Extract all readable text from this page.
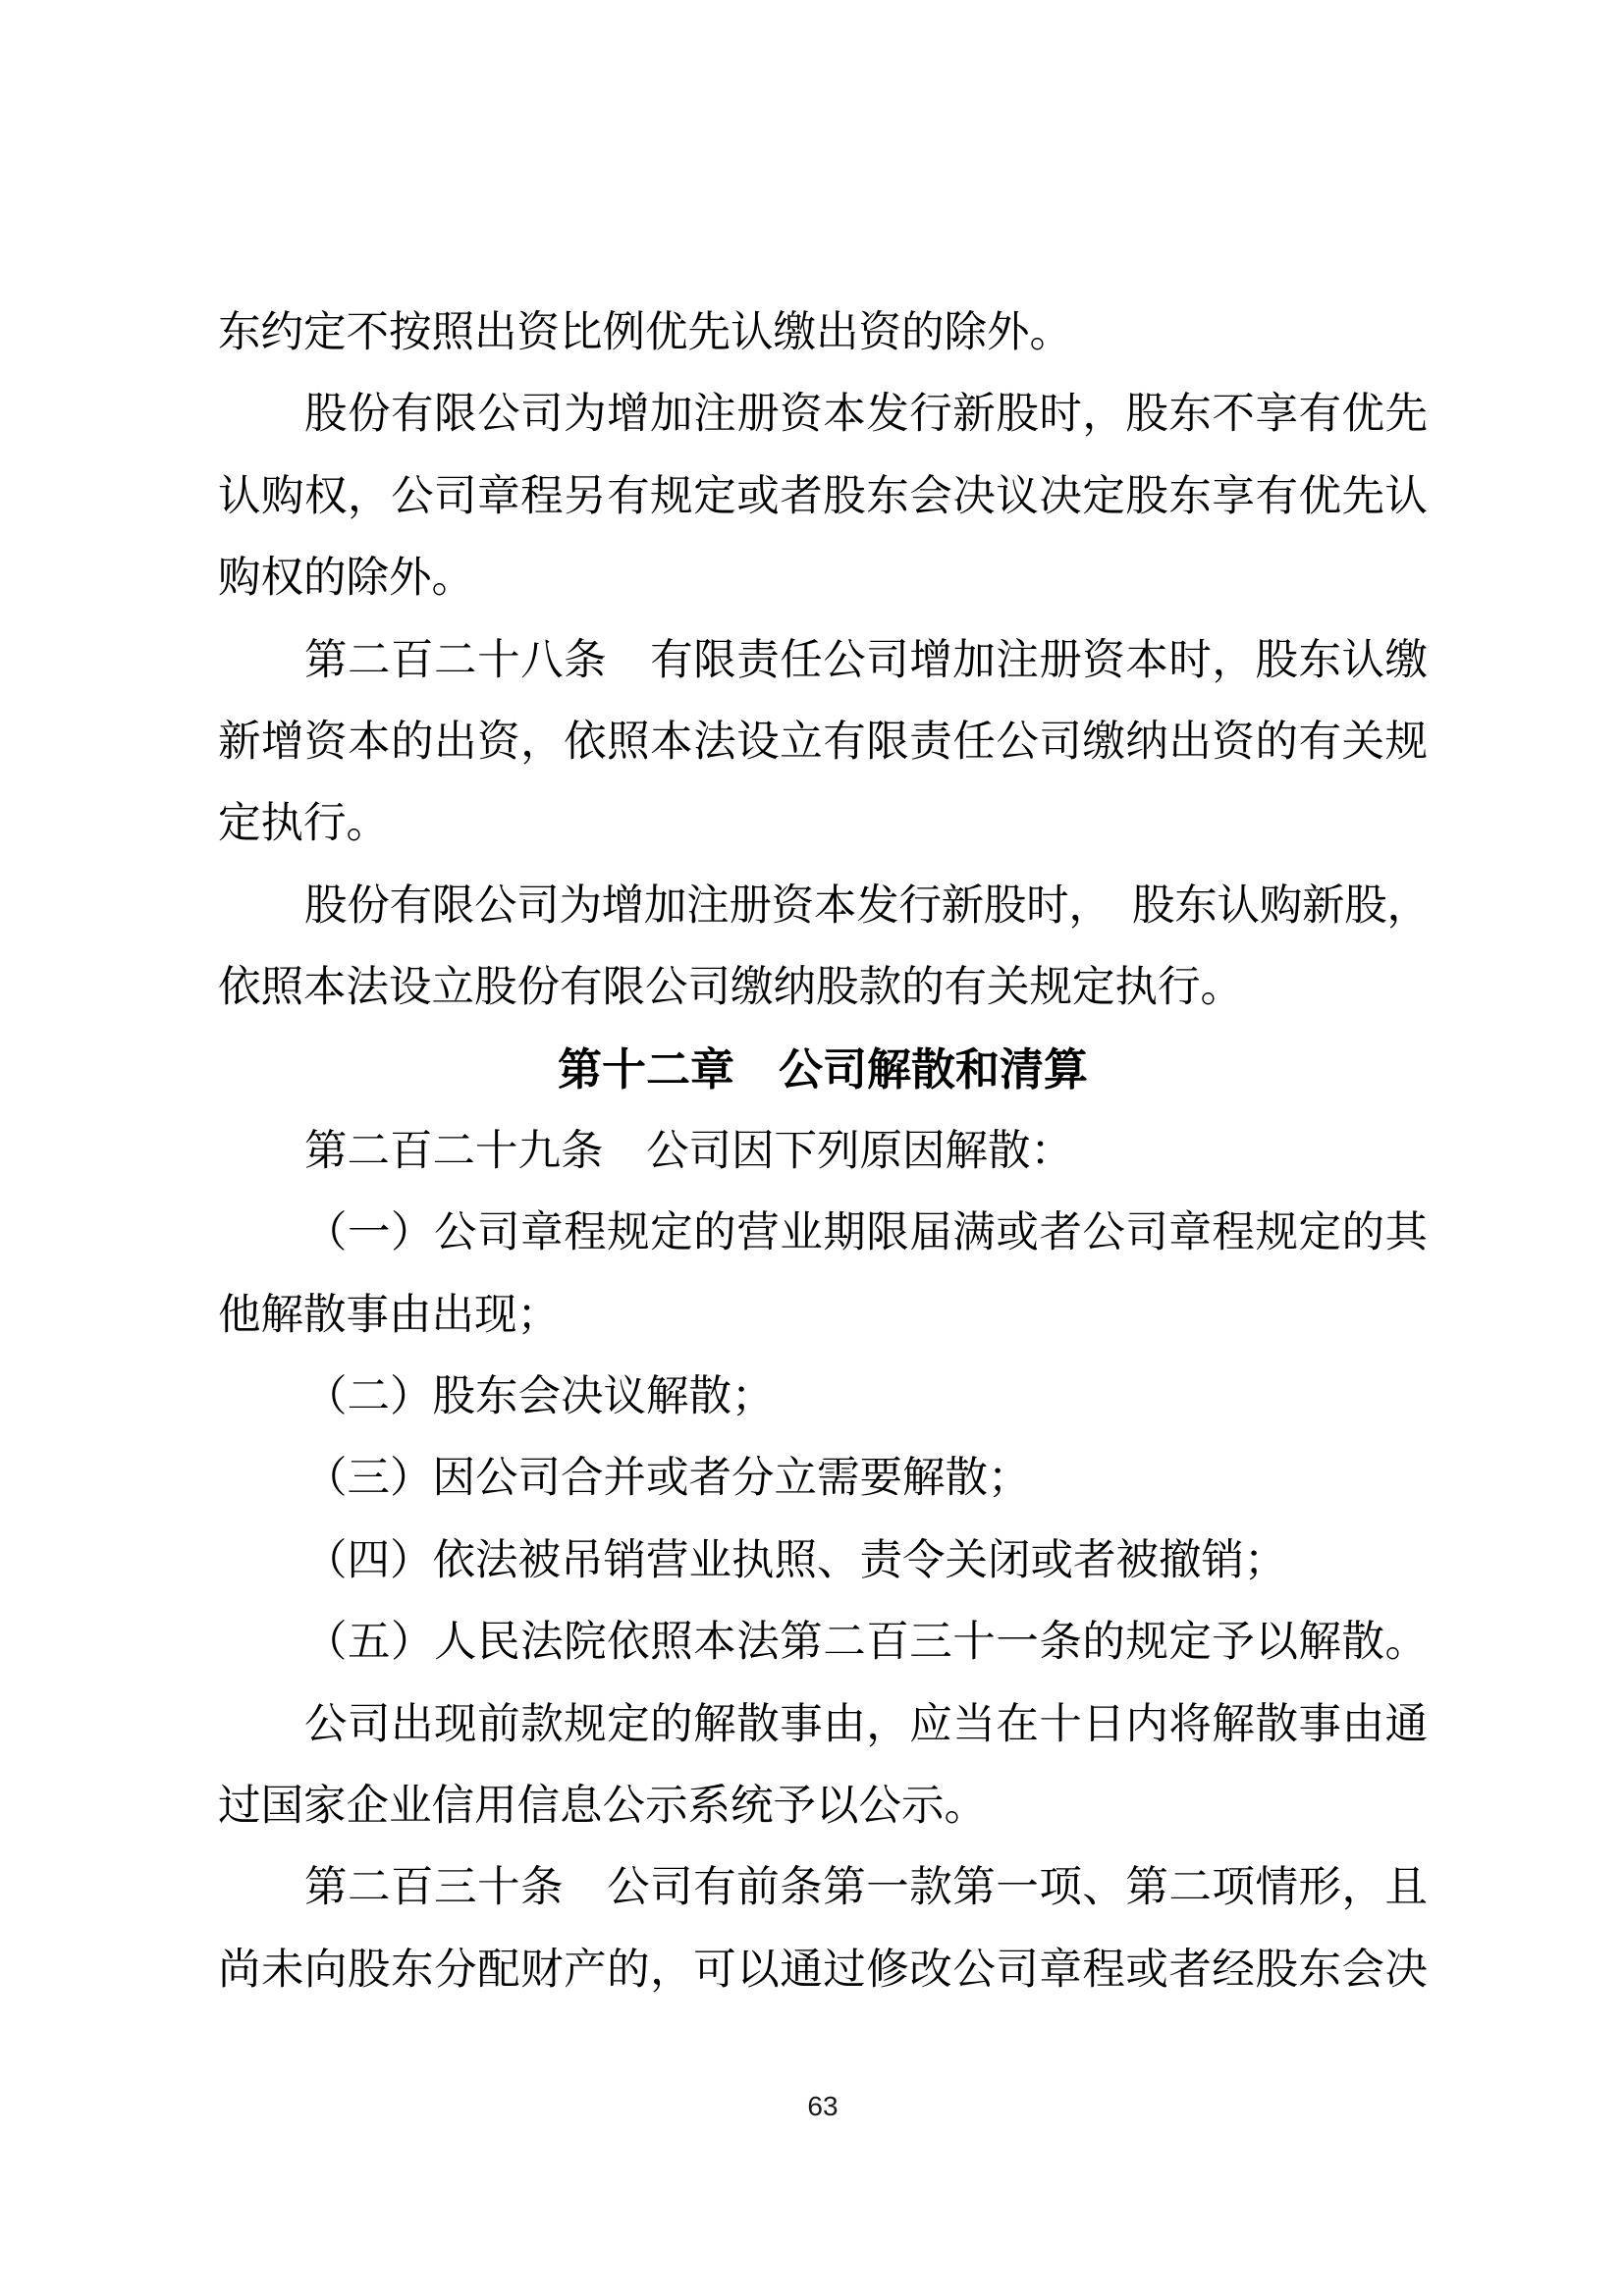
东约定不按照出资比例优先认缴出资的除外。
股份有限公司为增加注册资本发行新股时，股东不享有优先
认购权，公司章程另有规定或者股东会决议决定股东享有优先认
购权的除外。
第二百二十八条　有限责任公司增加注册资本时，股东认缴
新增资本的出资，依照本法设立有限责任公司缴纳出资的有关规
定执行。
股份有限公司为增加注册资本发行新股时，　股东认购新股，
依照本法设立股份有限公司缴纳股款的有关规定执行。
第十二章　公司解散和清算
第二百二十九条　公司因下列原因解散：
（一）公司章程规定的营业期限届满或者公司章程规定的其
他解散事由出现；
（二）股东会决议解散；
（三）因公司合并或者分立需要解散；
（四）依法被吊销营业执照、责令关闭或者被撤销；
（五）人民法院依照本法第二百三十一条的规定予以解散。
公司出现前款规定的解散事由，应当在十日内将解散事由通
过国家企业信用信息公示系统予以公示。
第二百三十条　公司有前条第一款第一项、第二项情形，且
尚未向股东分配财产的，可以通过修改公司章程或者经股东会决
63
